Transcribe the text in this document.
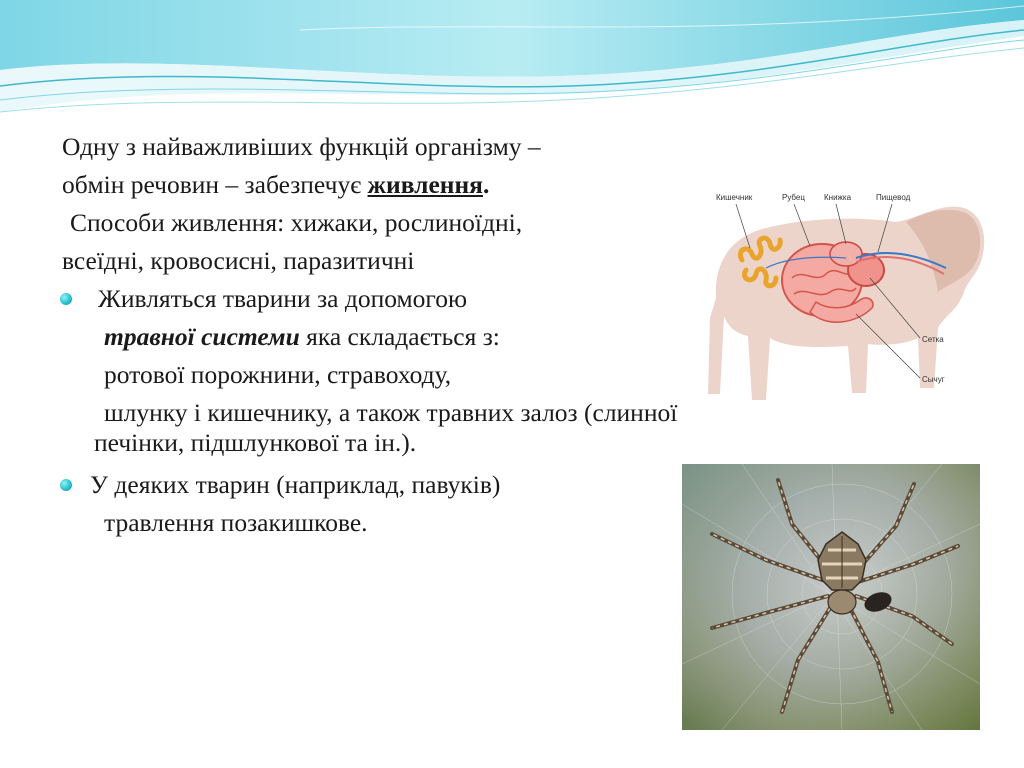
Одну з найважливіших функцій організму –
обмін речовин – забезпечує живлення.
Способи живлення: хижаки, рослиноїдні,
всеїдні, кровосисні, паразитичні
Живляться тварини за допомогою
травної системи яка складається з:
ротової порожнини, стравоходу,
шлунку і кишечнику, а також травних залоз (слинної
печінки, підшлункової та ін.).
У деяких тварин (наприклад, павуків)
травлення позакишкове.
Кишечник	Рубец Книжка	Пищевод
Сетка
Сычуг
